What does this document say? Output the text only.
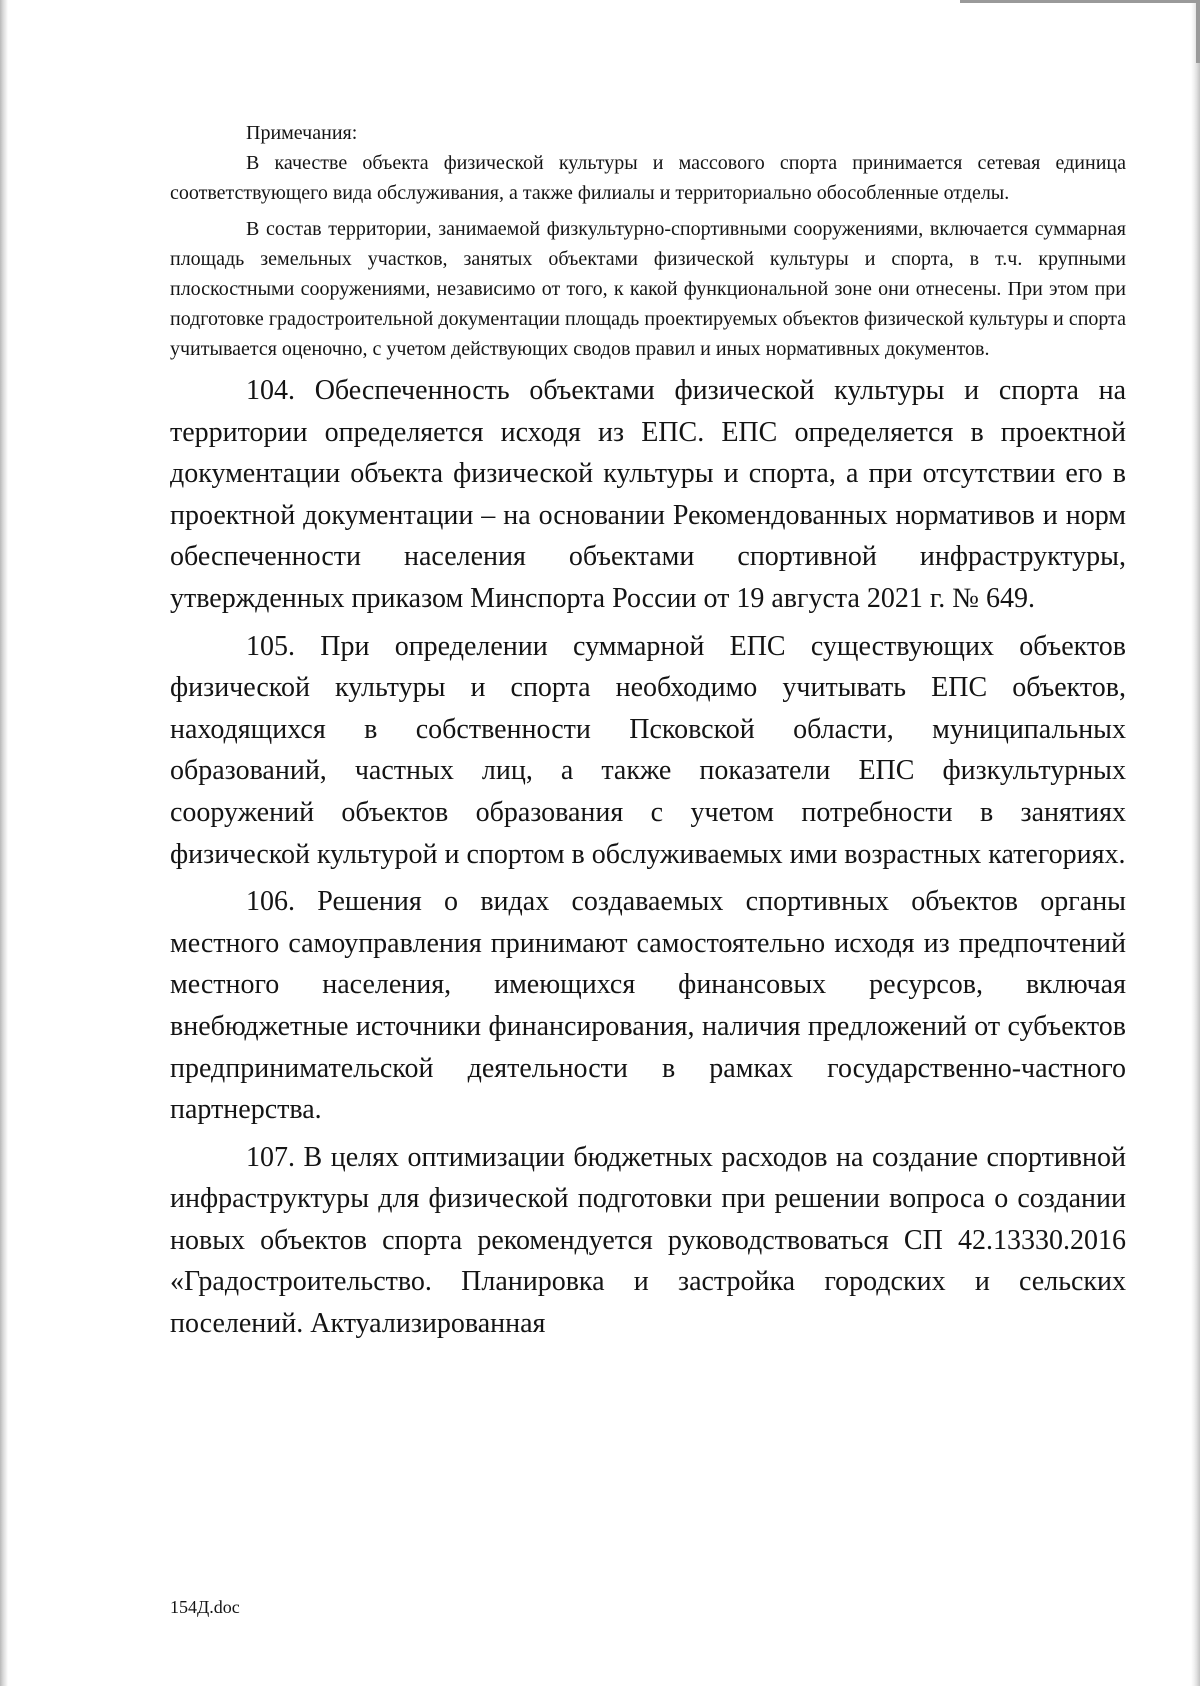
Примечания:

В качестве объекта физической культуры и массового спорта принимается сетевая единица соответствующего вида обслуживания, а также филиалы и территориально обособленные отделы.

В состав территории, занимаемой физкультурно-спортивными сооружениями, включается суммарная площадь земельных участков, занятых объектами физической культуры и спорта, в т.ч. крупными плоскостными сооружениями, независимо от того, к какой функциональной зоне они отнесены. При этом при подготовке градостроительной документации площадь проектируемых объектов физической культуры и спорта учитывается оценочно, с учетом действующих сводов правил и иных нормативных документов.

104. Обеспеченность объектами физической культуры и спорта на территории определяется исходя из ЕПС. ЕПС определяется в проектной документации объекта физической культуры и спорта, а при отсутствии его в проектной документации – на основании Рекомендованных нормативов и норм обеспеченности населения объектами спортивной инфраструктуры, утвержденных приказом Минспорта России от 19 августа 2021 г. № 649.

105. При определении суммарной ЕПС существующих объектов физической культуры и спорта необходимо учитывать ЕПС объектов, находящихся в собственности Псковской области, муниципальных образований, частных лиц, а также показатели ЕПС физкультурных сооружений объектов образования с учетом потребности в занятиях физической культурой и спортом в обслуживаемых ими возрастных категориях.

106. Решения о видах создаваемых спортивных объектов органы местного самоуправления принимают самостоятельно исходя из предпочтений местного населения, имеющихся финансовых ресурсов, включая внебюджетные источники финансирования, наличия предложений от субъектов предпринимательской деятельности в рамках государственно-частного партнерства.

107. В целях оптимизации бюджетных расходов на создание спортивной инфраструктуры для физической подготовки при решении вопроса о создании новых объектов спорта рекомендуется руководствоваться СП 42.13330.2016 «Градостроительство. Планировка и застройка городских и сельских поселений. Актуализированная

154Д.doc
